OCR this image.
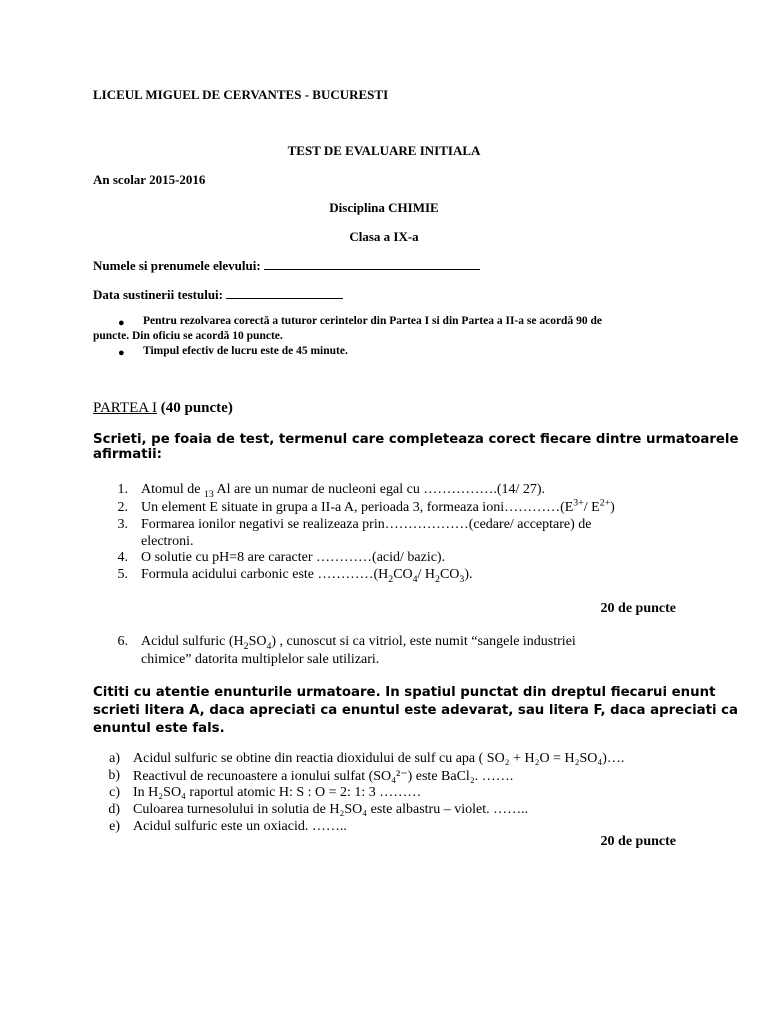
LICEUL MIGUEL DE CERVANTES - BUCURESTI
TEST DE EVALUARE INITIALA
An scolar 2015-2016
Disciplina CHIMIE
Clasa a IX-a
Numele si prenumele elevului:
Data sustinerii testului:
● Pentru rezolvarea corectă a tuturor cerintelor din Partea I si din Partea a II-a se acordă 90 de
puncte. Din oficiu se acordă 10 puncte.
● Timpul efectiv de lucru este de 45 minute.
PARTEA I (40 puncte)
Scrieti, pe foaia de test, termenul care completeaza corect fiecare dintre urmatoarele
afirmatii:
1. Atomul de $_{13}$ Al are un numar de nucleoni egal cu …………….(14/ 27).
2. Un element E situate in grupa a II-a A, perioada 3, formeaza $ioni\dots\dots\dots\dots(E^{3+}/$ $E^{2+}$)
3. Formarea ionilor negativi se realizeaza prin………………(cedare/ acceptare) de
electroni.
4. O solutie cu pH=8 are caracter …………(acid/ bazic).
5. Formula acidului carbonic este $\dots\dots\dots\dots(H_2CO_4/$ $H_2CO_3$).
20 de puncte
6. Acidul sulfuric $(H_2SO_4)$ , cunoscut si ca vitriol, este numit “sangele industriei
chimice” datorita multiplelor sale utilizari.
Cititi cu atentie enunturile urmatoare. In spatiul punctat din dreptul fiecarui enunt
scrieti litera A, daca apreciati ca enuntul este adevarat, sau litera F, daca apreciati ca
enuntul este fals.
a) Acidul sulfuric se obtine din reactia dioxidului de sulf cu apa ( SO₂ + H₂O = H₂SO₄)….
b) Reactivul de recunoastere a ionului sulfat (SO₄²⁻) este BaCl₂. …….
c) In H₂SO₄ raportul atomic H: S : O = 2: 1: 3 ………
d) Culoarea turnesolului in solutia de H₂SO₄ este albastru – violet. ……..
e) Acidul sulfuric este un oxiacid. ……..
20 de puncte
